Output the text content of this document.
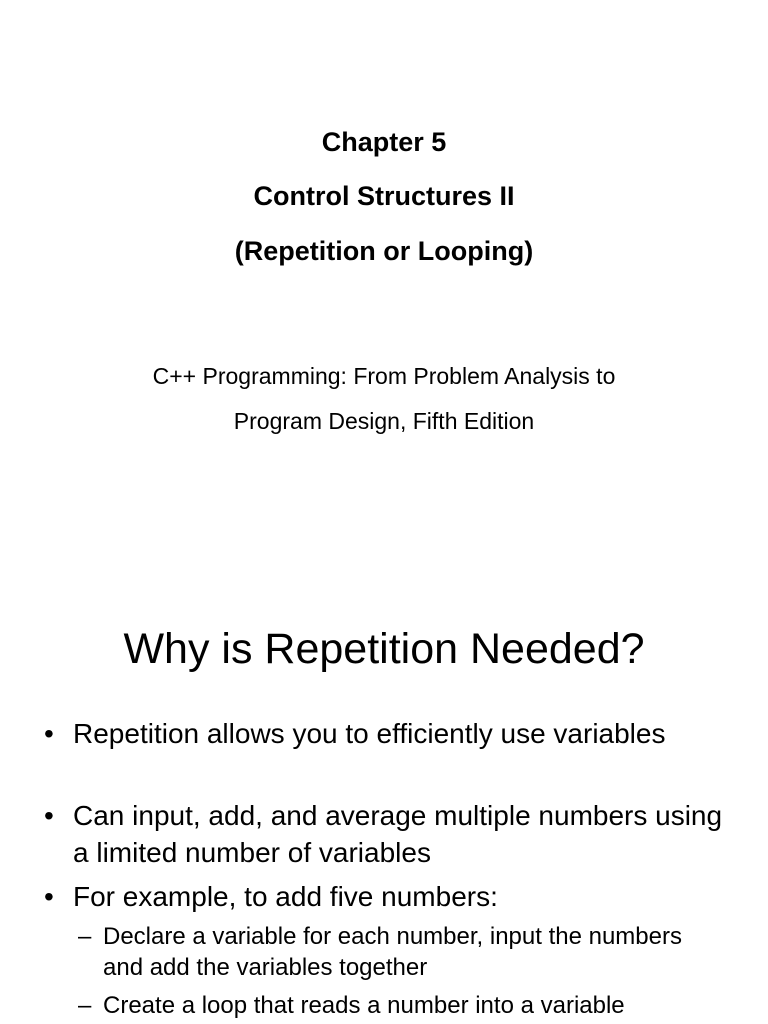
Chapter 5
Control Structures II
(Repetition or Looping)
C++ Programming: From Problem Analysis to
Program Design, Fifth Edition
Why is Repetition Needed?
• Repetition allows you to efficiently use variables
• Can input, add, and average multiple numbers using a limited number of variables
• For example, to add five numbers:
– Declare a variable for each number, input the numbers and add the variables together
– Create a loop that reads a number into a variable
